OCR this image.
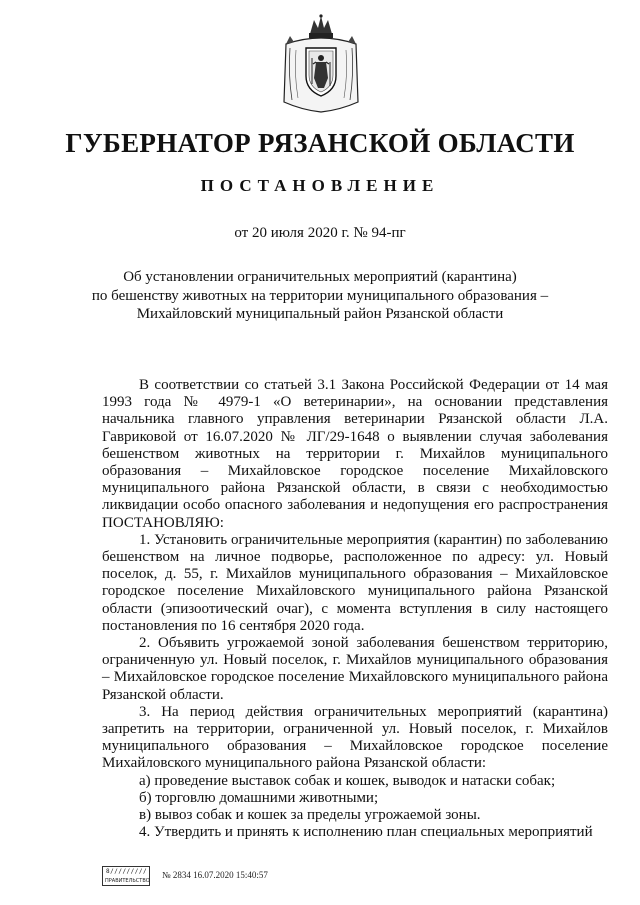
ГУБЕРНАТОР РЯЗАНСКОЙ ОБЛАСТИ
ПОСТАНОВЛЕНИЕ
от 20 июля 2020 г. № 94-пг
Об установлении ограничительных мероприятий (карантина)
по бешенству животных на территории муниципального образования –
Михайловский муниципальный район Рязанской области

В соответствии со статьей 3.1 Закона Российской Федерации от 14 мая 1993 года № 4979-1 «О ветеринарии», на основании представления начальника главного управления ветеринарии Рязанской области Л.А. Гавриковой от 16.07.2020 № ЛГ/29-1648 о выявлении случая заболевания бешенством животных на территории г. Михайлов муниципального образования – Михайловское городское поселение Михайловского муниципального района Рязанской области, в связи с необходимостью ликвидации особо опасного заболевания и недопущения его распространения ПОСТАНОВЛЯЮ:

1. Установить ограничительные мероприятия (карантин) по заболеванию бешенством на личное подворье, расположенное по адресу: ул. Новый поселок, д. 55, г. Михайлов муниципального образования – Михайловское городское поселение Михайловского муниципального района Рязанской области (эпизоотический очаг), с момента вступления в силу настоящего постановления по 16 сентября 2020 года.

2. Объявить угрожаемой зоной заболевания бешенством территорию, ограниченную ул. Новый поселок, г. Михайлов муниципального образования – Михайловское городское поселение Михайловского муниципального района Рязанской области.

3. На период действия ограничительных мероприятий (карантина) запретить на территории, ограниченной ул. Новый поселок, г. Михайлов муниципального образования – Михайловское городское поселение Михайловского муниципального района Рязанской области:

а) проведение выставок собак и кошек, выводок и натаски собак;

б) торговлю домашними животными;

в) вывоз собак и кошек за пределы угрожаемой зоны.

4. Утвердить и принять к исполнению план специальных мероприятий

8/////////
ПРАВИТЕЛЬСТВО
№ 2834 16.07.2020 15:40:57
